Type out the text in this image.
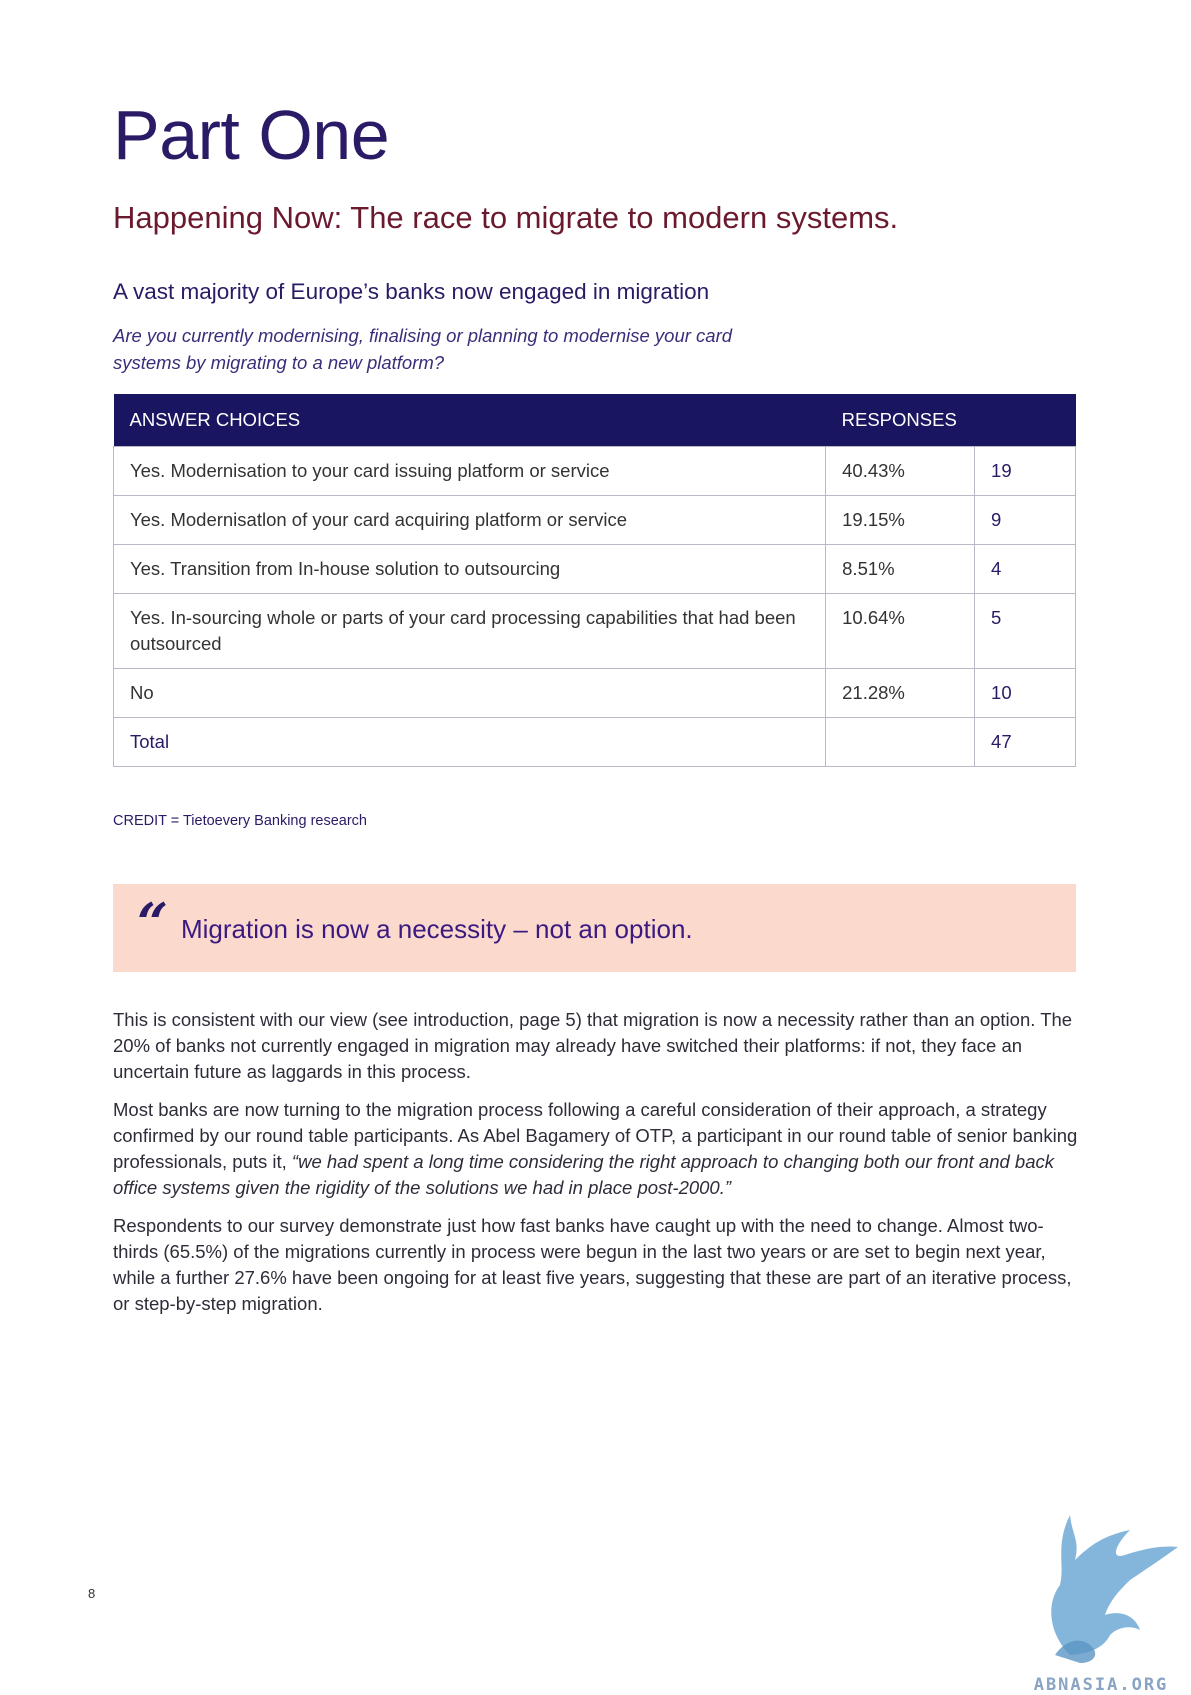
Part One
Happening Now: The race to migrate to modern systems.
A vast majority of Europe’s banks now engaged in migration
Are you currently modernising, finalising or planning to modernise your card systems by migrating to a new platform?
ANSWER CHOICES	RESPONSES	
Yes. Modernisation to your card issuing platform or service	40.43%	19
Yes. Modernisatlon of your card acquiring platform or service	19.15%	9
Yes. Transition from In-house solution to outsourcing	8.51%	4
Yes. In-sourcing whole or parts of your card processing capabilities that had been outsourced	10.64%	5
No	21.28%	10
Total		47
CREDIT = Tietoevery Banking research
“ Migration is now a necessity – not an option.

This is consistent with our view (see introduction, page 5) that migration is now a necessity rather than an option. The 20% of banks not currently engaged in migration may already have switched their platforms: if not, they face an uncertain future as laggards in this process.

Most banks are now turning to the migration process following a careful consideration of their approach, a strategy confirmed by our round table participants. As Abel Bagamery of OTP, a participant in our round table of senior banking professionals, puts it, “we had spent a long time considering the right approach to changing both our front and back office systems given the rigidity of the solutions we had in place post-2000.”

Respondents to our survey demonstrate just how fast banks have caught up with the need to change. Almost two-thirds (65.5%) of the migrations currently in process were begun in the last two years or are set to begin next year, while a further 27.6% have been ongoing for at least five years, suggesting that these are part of an iterative process, or step-by-step migration.

8
ABNASIA.ORG
